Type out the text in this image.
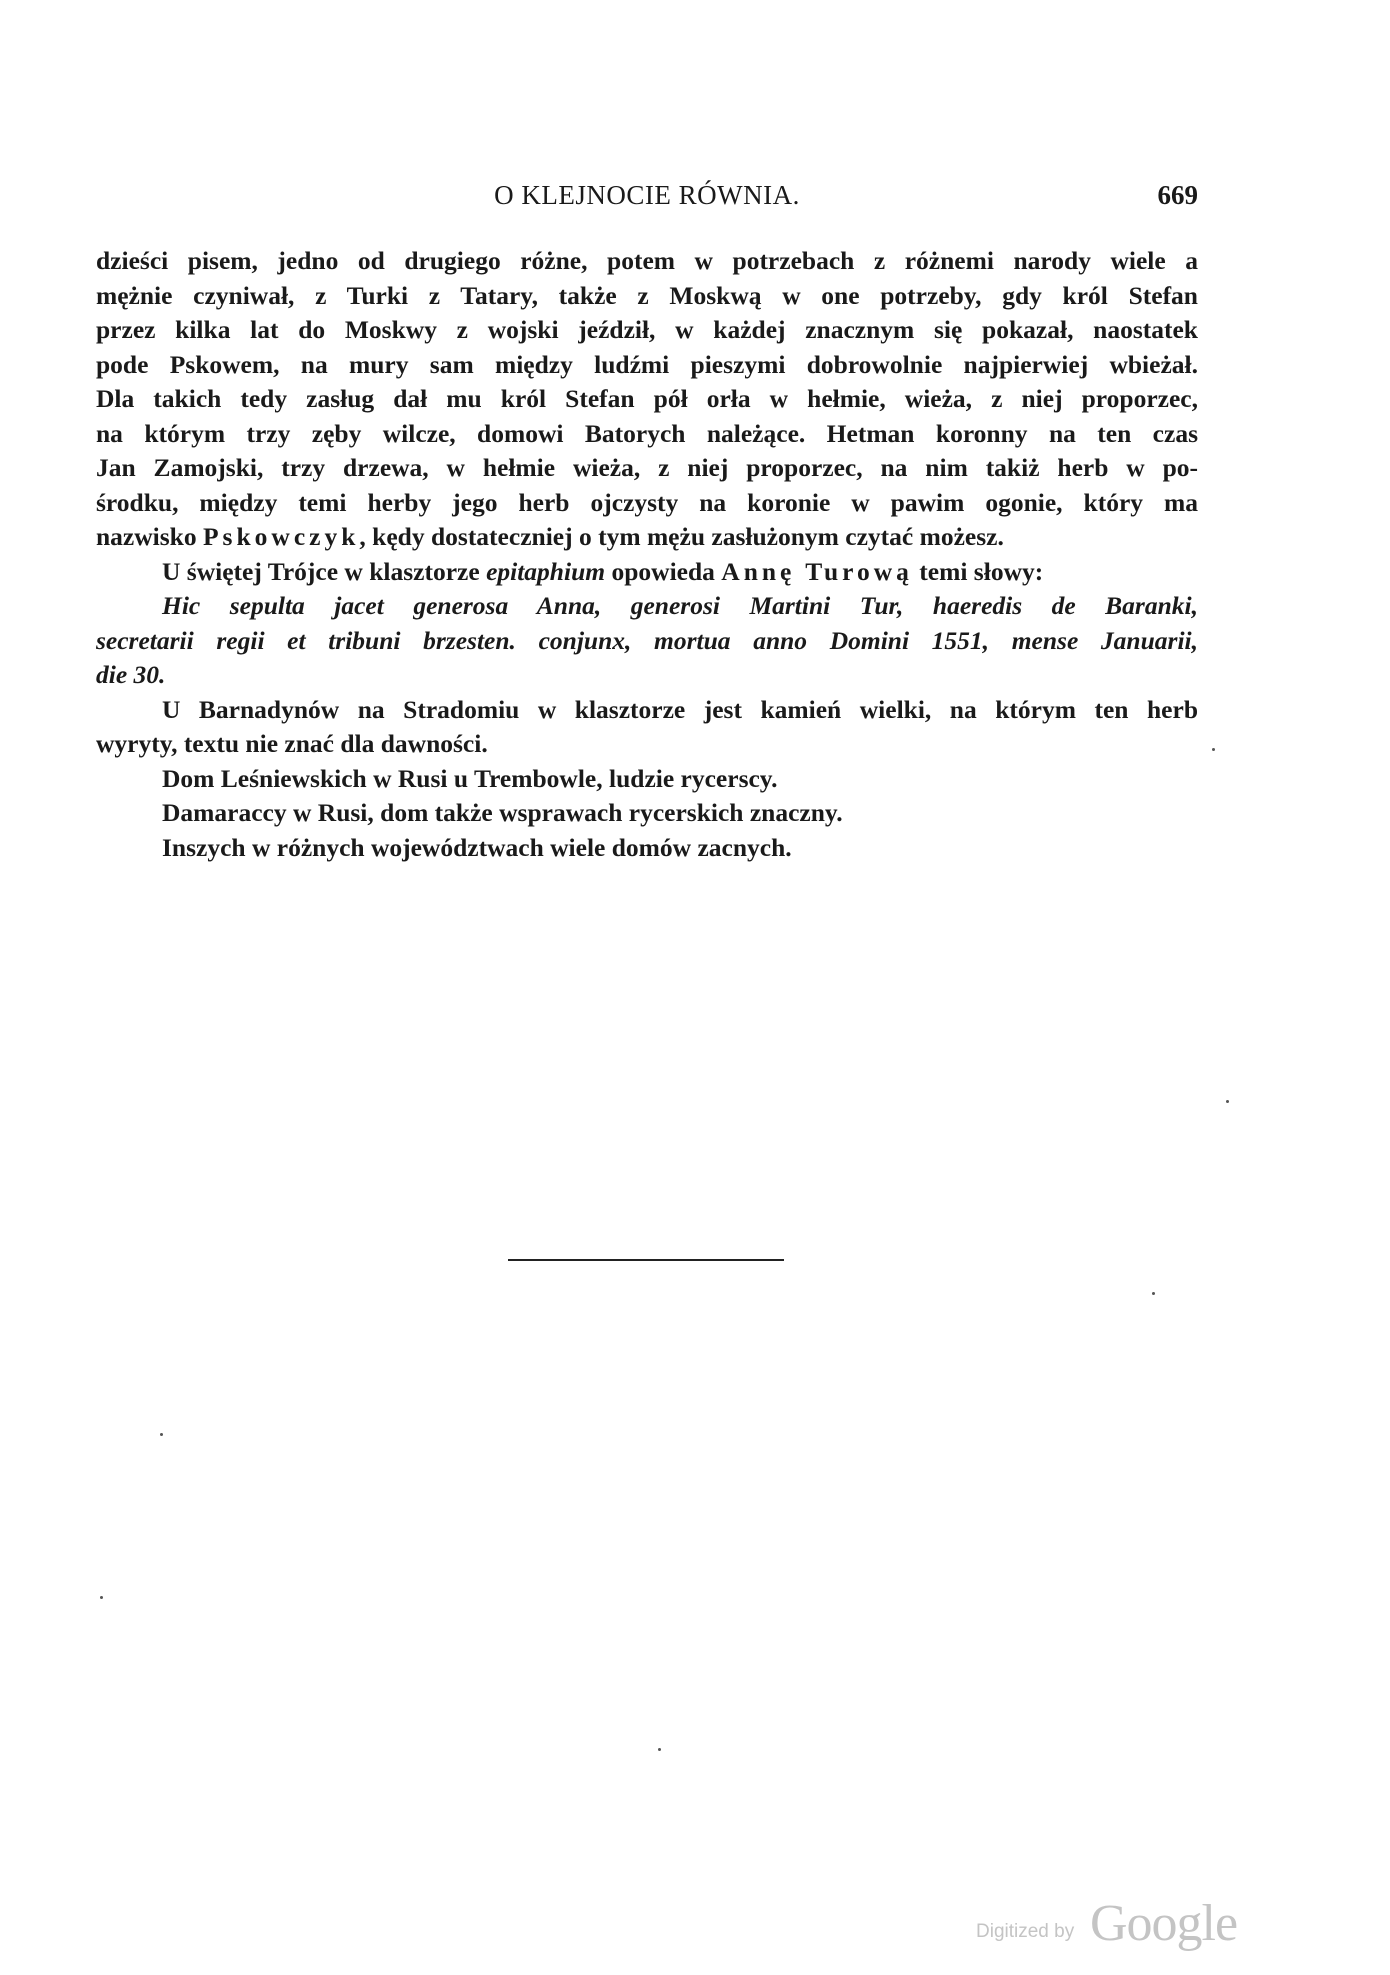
O KLEJNOCIE RÓWNIA.	669
dzieści pisem, jedno od drugiego różne, potem w potrzebach z różnemi narody wiele a
mężnie czyniwał, z Turki z Tatary, także z Moskwą w one potrzeby, gdy król Stefan
przez kilka lat do Moskwy z wojski jeździł, w każdej znacznym się pokazał, naostatek
pode Pskowem, na mury sam między ludźmi pieszymi dobrowolnie najpierwiej wbieżał.
Dla takich tedy zasług dał mu król Stefan pół orła w hełmie, wieża, z niej proporzec,
na którym trzy zęby wilcze, domowi Batorych należące. Hetman koronny na ten czas
Jan Zamojski, trzy drzewa, w hełmie wieża, z niej proporzec, na nim takiż herb w po-
środku, między temi herby jego herb ojczysty na koronie w pawim ogonie, który ma
nazwisko Pskowczyk, kędy dostateczniej o tym mężu zasłużonym czytać możesz.
U świętej Trójce w klasztorze epitaphium opowieda Annę Turową temi słowy:
Hic sepulta jacet generosa Anna, generosi Martini Tur, haeredis de Baranki,
secretarii regii et tribuni brzesten. conjunx, mortua anno Domini 1551, mense Januarii,
die 30.
U Barnadynów na Stradomiu w klasztorze jest kamień wielki, na którym ten herb
wyryty, textu nie znać dla dawności.
Dom Leśniewskich w Rusi u Trembowle, ludzie rycerscy.
Damaraccy w Rusi, dom także wsprawach rycerskich znaczny.
Inszych w różnych województwach wiele domów zacnych.
Digitized by Google
